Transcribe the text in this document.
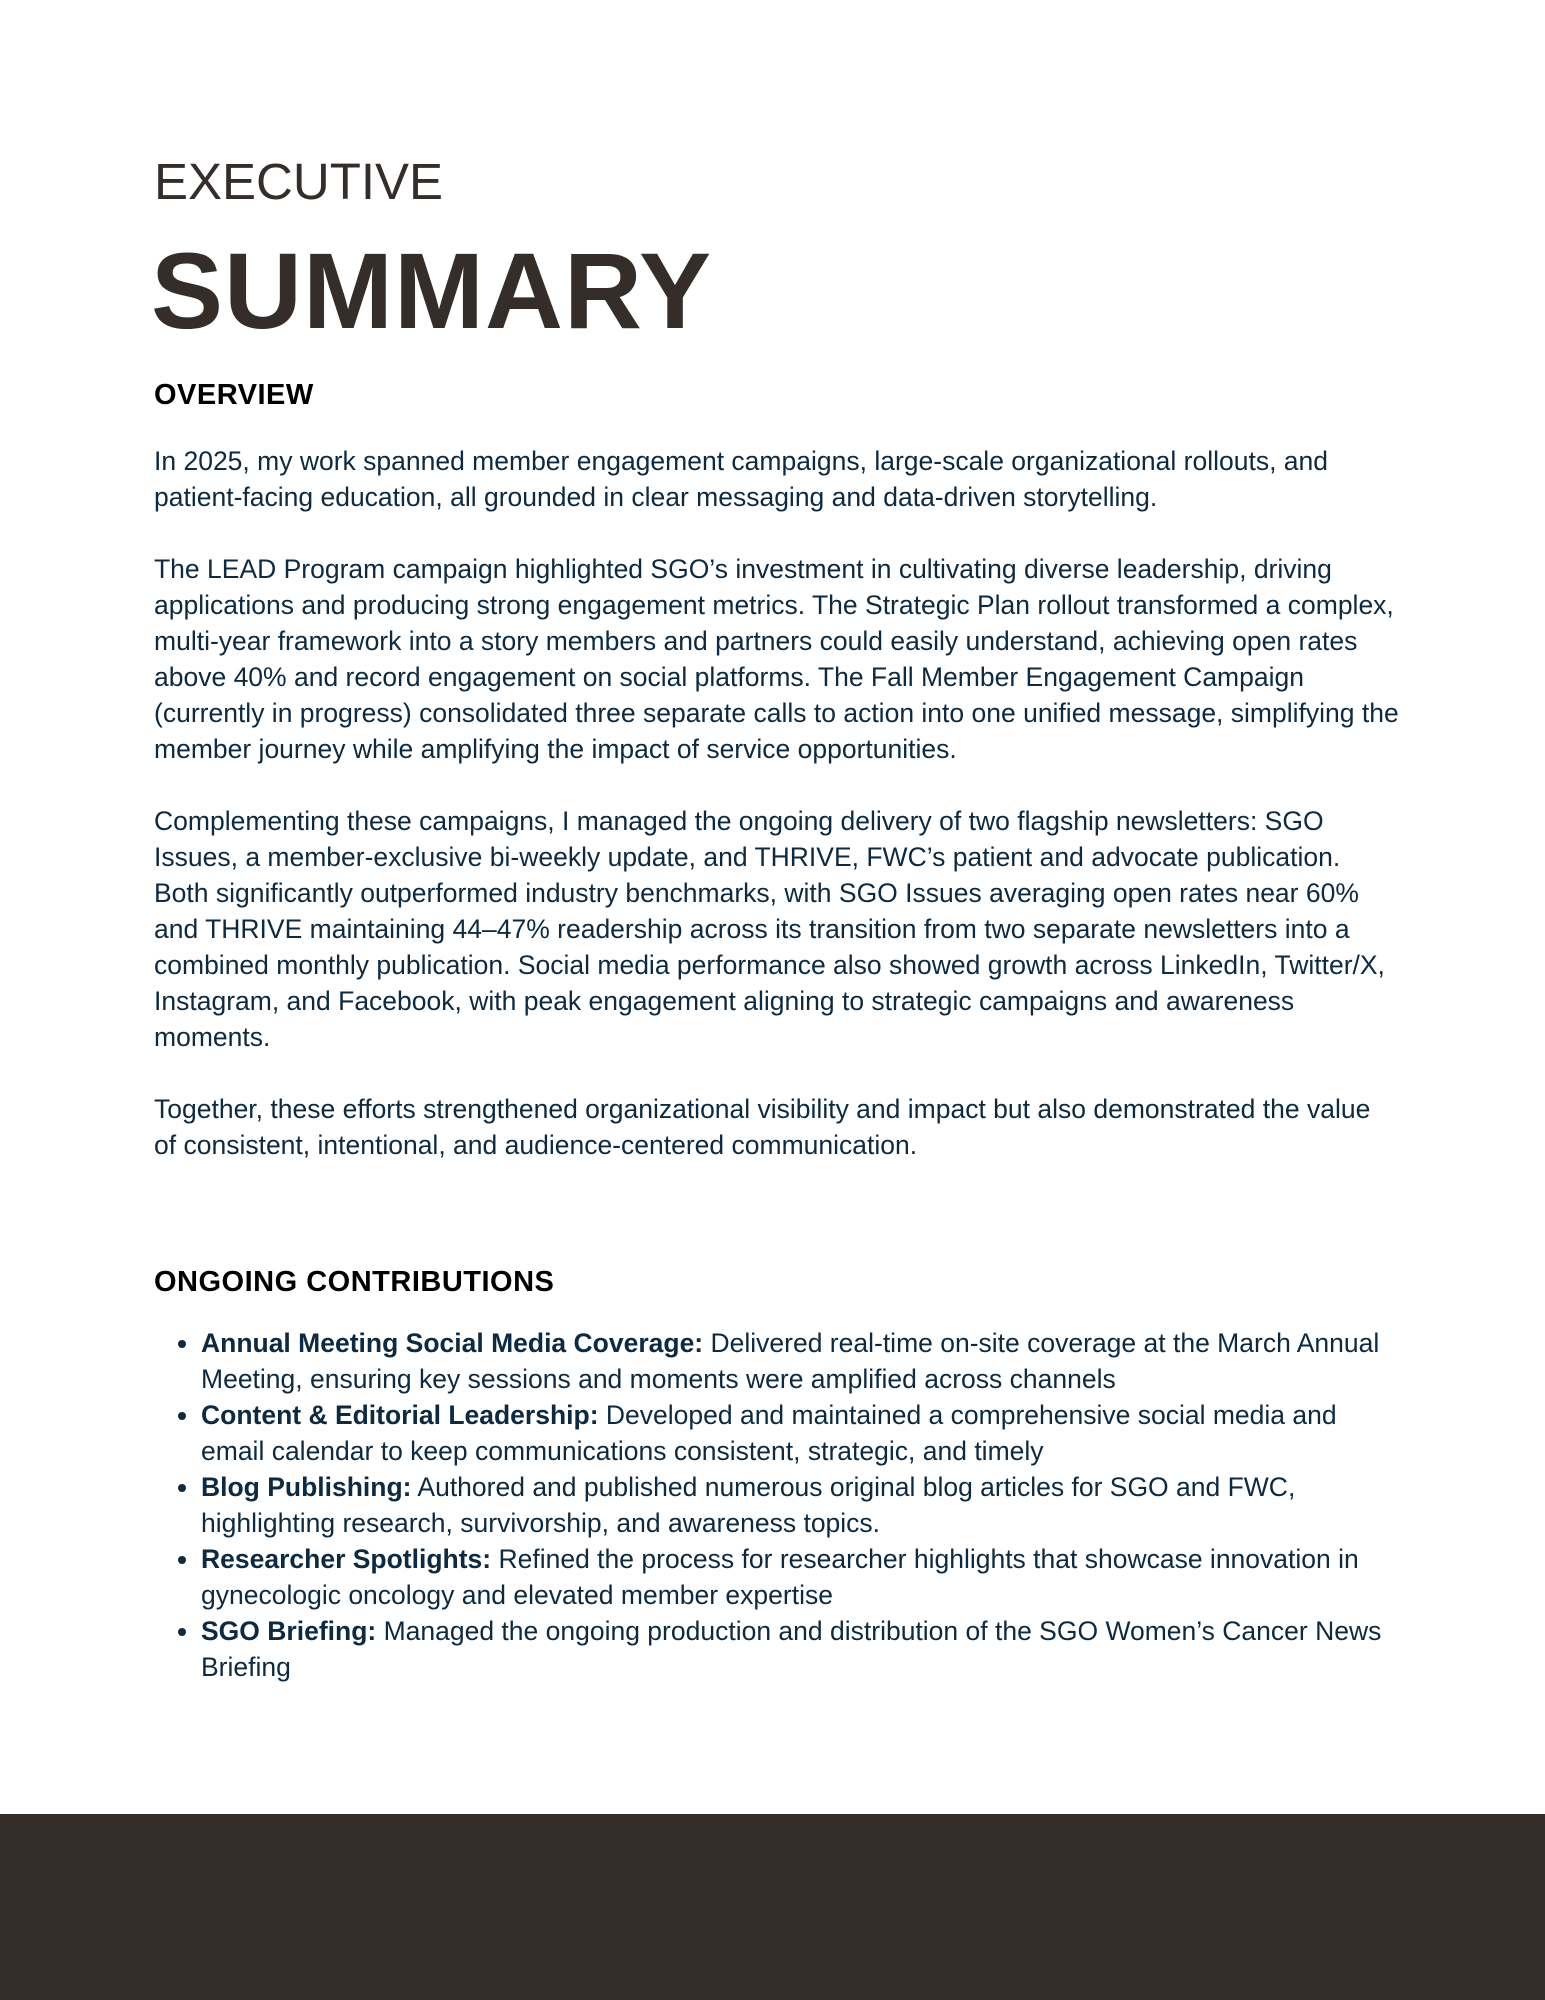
EXECUTIVE
SUMMARY
OVERVIEW

In 2025, my work spanned member engagement campaigns, large-scale organizational rollouts, and patient-facing education, all grounded in clear messaging and data-driven storytelling.

The LEAD Program campaign highlighted SGO’s investment in cultivating diverse leadership, driving applications and producing strong engagement metrics. The Strategic Plan rollout transformed a complex, multi-year framework into a story members and partners could easily understand, achieving open rates above 40% and record engagement on social platforms. The Fall Member Engagement Campaign (currently in progress) consolidated three separate calls to action into one unified message, simplifying the member journey while amplifying the impact of service opportunities.

Complementing these campaigns, I managed the ongoing delivery of two flagship newsletters: SGO Issues, a member-exclusive bi-weekly update, and THRIVE, FWC’s patient and advocate publication. Both significantly outperformed industry benchmarks, with SGO Issues averaging open rates near 60% and THRIVE maintaining 44–47% readership across its transition from two separate newsletters into a combined monthly publication. Social media performance also showed growth across LinkedIn, Twitter/X, Instagram, and Facebook, with peak engagement aligning to strategic campaigns and awareness moments.

Together, these efforts strengthened organizational visibility and impact but also demonstrated the value of consistent, intentional, and audience-centered communication.

ONGOING CONTRIBUTIONS
• Annual Meeting Social Media Coverage: Delivered real-time on-site coverage at the March Annual Meeting, ensuring key sessions and moments were amplified across channels
• Content & Editorial Leadership: Developed and maintained a comprehensive social media and email calendar to keep communications consistent, strategic, and timely
• Blog Publishing: Authored and published numerous original blog articles for SGO and FWC, highlighting research, survivorship, and awareness topics.
• Researcher Spotlights: Refined the process for researcher highlights that showcase innovation in gynecologic oncology and elevated member expertise
• SGO Briefing: Managed the ongoing production and distribution of the SGO Women’s Cancer News Briefing
